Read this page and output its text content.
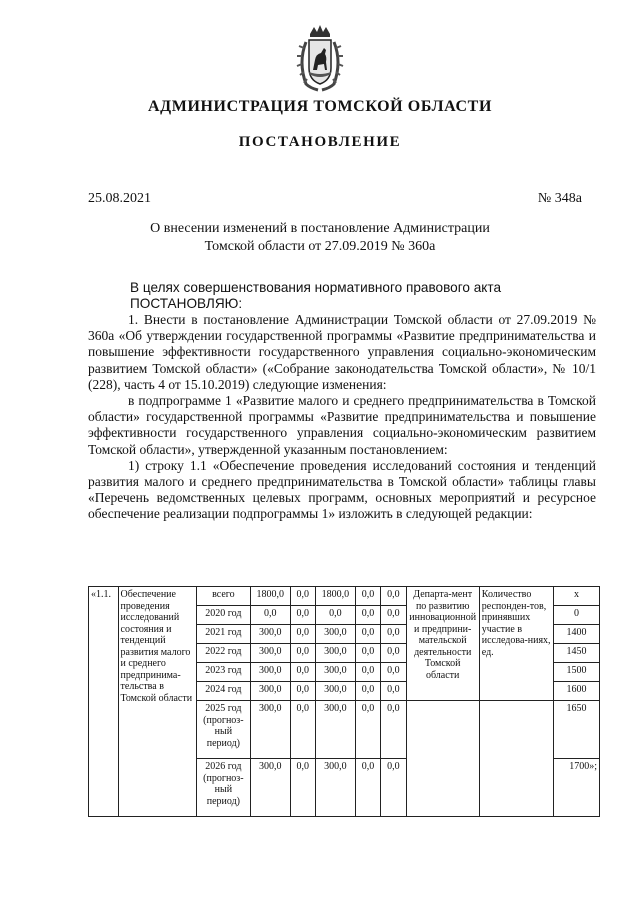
АДМИНИСТРАЦИЯ ТОМСКОЙ ОБЛАСТИ
ПОСТАНОВЛЕНИЕ
25.08.2021	№ 348а
О внесении изменений в постановление Администрации
Томской области от 27.09.2019 № 360а
В целях совершенствования нормативного правового акта
ПОСТАНОВЛЯЮ:

1. Внести в постановление Администрации Томской области от 27.09.2019 № 360а «Об утверждении государственной программы «Развитие предпринимательства и повышение эффективности государственного управления социально-экономическим развитием Томской области» («Собрание законодательства Томской области», № 10/1 (228), часть 4 от 15.10.2019) следующие изменения:

в подпрограмме 1 «Развитие малого и среднего предпринимательства в Томской области» государственной программы «Развитие предпринимательства и повышение эффективности государственного управления социально-экономическим развитием Томской области», утвержденной указанным постановлением:

1) строку 1.1 «Обеспечение проведения исследований состояния и тенденций развития малого и среднего предпринимательства в Томской области» таблицы главы «Перечень ведомственных целевых программ, основных мероприятий и ресурсное обеспечение реализации подпрограммы 1» изложить в следующей редакции:

«1.1.	Обеспечение проведения исследований состояния и тенденций развития малого и среднего предпринима-тельства в Томской области	всего	1800,0	0,0	1800,0	0,0	0,0	Департа-мент по развитию инновационной и предприни-мательской деятельности Томской области	Количество респонден-тов, принявших участие в исследова-ниях, ед.	х
		2020 год	0,0	0,0	0,0	0,0	0,0			0
		2021 год	300,0	0,0	300,0	0,0	0,0			1400
		2022 год	300,0	0,0	300,0	0,0	0,0			1450
		2023 год	300,0	0,0	300,0	0,0	0,0			1500
		2024 год	300,0	0,0	300,0	0,0	0,0			1600
		2025 год (прогноз-ный период)	300,0	0,0	300,0	0,0	0,0			1650
		2026 год (прогноз-ный период)	300,0	0,0	300,0	0,0	0,0			1700»;
